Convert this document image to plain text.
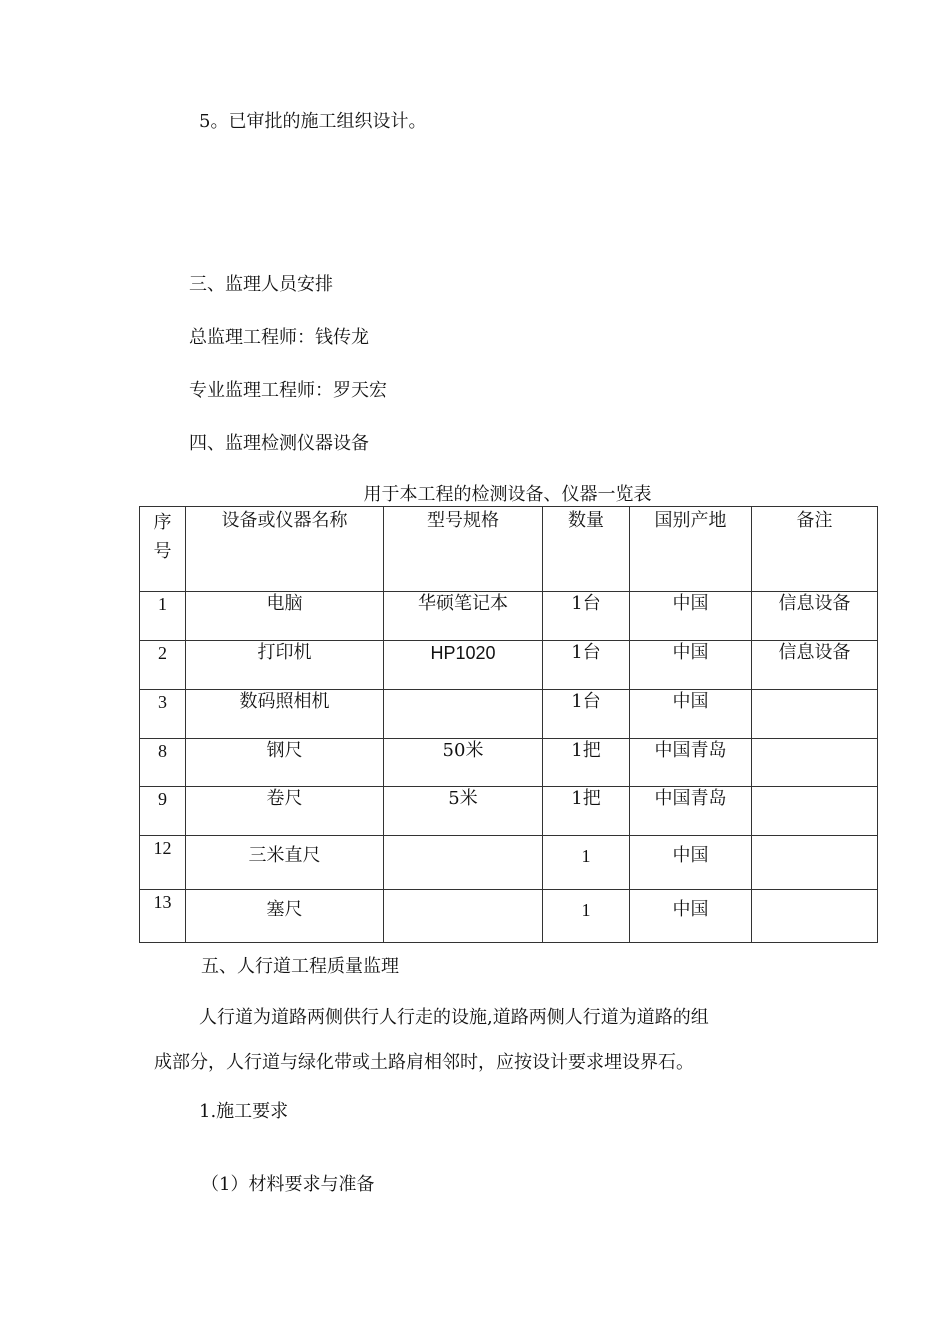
5。已审批的施工组织设计。
三、监理人员安排
总监理工程师：钱传龙
专业监理工程师：罗天宏
四、监理检测仪器设备
用于本工程的检测设备、仪器一览表
序
号	设备或仪器名称	型号规格	数量	国别产地	备注

1	电脑	华硕笔记本	1台	中国	信息设备
2	打印机	HP1020	1台	中国	信息设备
3	数码照相机		1台	中国	
8	钢尺	50米	1把	中国青岛	
9	卷尺	5米	1把	中国青岛	
12	三米直尺		1	中国	

13	塞尺		1	中国	

五、人行道工程质量监理
人行道为道路两侧供行人行走的设施,道路两侧人行道为道路的组
成部分，人行道与绿化带或土路肩相邻时，应按设计要求埋设界石。
1.施工要求
（1）材料要求与准备
